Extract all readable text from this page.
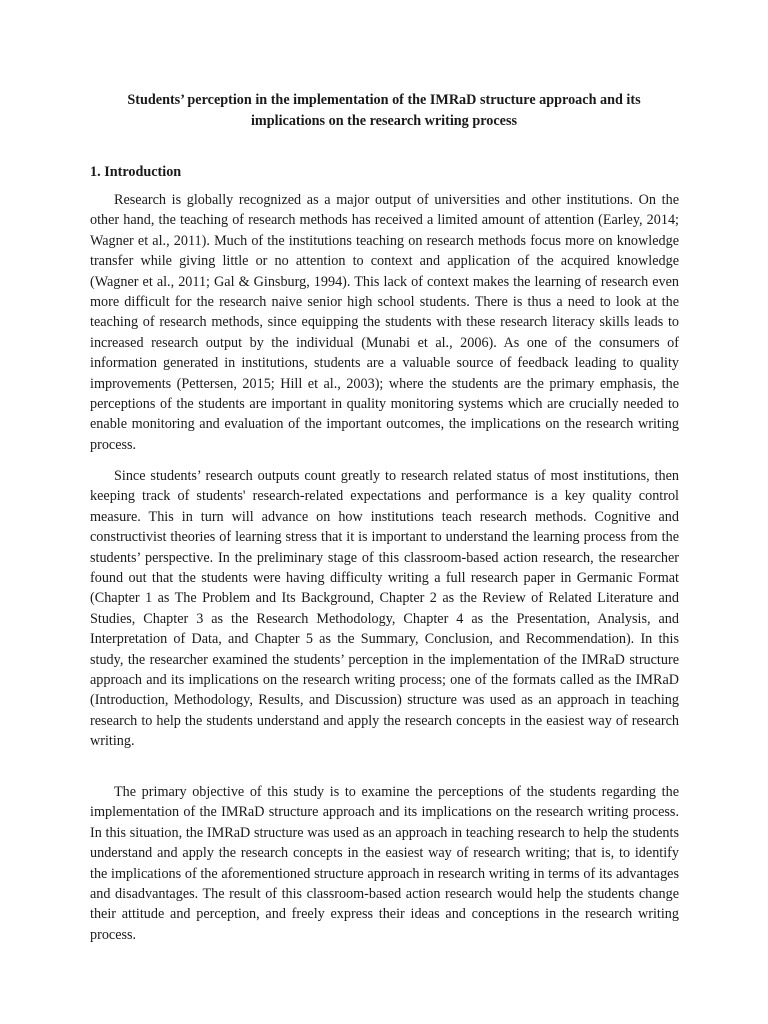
Students’ perception in the implementation of the IMRaD structure approach and its
implications on the research writing process
1. Introduction

Research is globally recognized as a major output of universities and other institutions. On the other hand, the teaching of research methods has received a limited amount of attention (Earley, 2014; Wagner et al., 2011). Much of the institutions teaching on research methods focus more on knowledge transfer while giving little or no attention to context and application of the acquired knowledge (Wagner et al., 2011; Gal & Ginsburg, 1994). This lack of context makes the learning of research even more difficult for the research naive senior high school students. There is thus a need to look at the teaching of research methods, since equipping the students with these research literacy skills leads to increased research output by the individual (Munabi et al., 2006). As one of the consumers of information generated in institutions, students are a valuable source of feedback leading to quality improvements (Pettersen, 2015; Hill et al., 2003); where the students are the primary emphasis, the perceptions of the students are important in quality monitoring systems which are crucially needed to enable monitoring and evaluation of the important outcomes, the implications on the research writing process.

Since students’ research outputs count greatly to research related status of most institutions, then keeping track of students' research-related expectations and performance is a key quality control measure. This in turn will advance on how institutions teach research methods. Cognitive and constructivist theories of learning stress that it is important to understand the learning process from the students’ perspective. In the preliminary stage of this classroom-based action research, the researcher found out that the students were having difficulty writing a full research paper in Germanic Format (Chapter 1 as The Problem and Its Background, Chapter 2 as the Review of Related Literature and Studies, Chapter 3 as the Research Methodology, Chapter 4 as the Presentation, Analysis, and Interpretation of Data, and Chapter 5 as the Summary, Conclusion, and Recommendation). In this study, the researcher examined the students’ perception in the implementation of the IMRaD structure approach and its implications on the research writing process; one of the formats called as the IMRaD (Introduction, Methodology, Results, and Discussion) structure was used as an approach in teaching research to help the students understand and apply the research concepts in the easiest way of research writing.

The primary objective of this study is to examine the perceptions of the students regarding the implementation of the IMRaD structure approach and its implications on the research writing process. In this situation, the IMRaD structure was used as an approach in teaching research to help the students understand and apply the research concepts in the easiest way of research writing; that is, to identify the implications of the aforementioned structure approach in research writing in terms of its advantages and disadvantages. The result of this classroom-based action research would help the students change their attitude and perception, and freely express their ideas and conceptions in the research writing process.
